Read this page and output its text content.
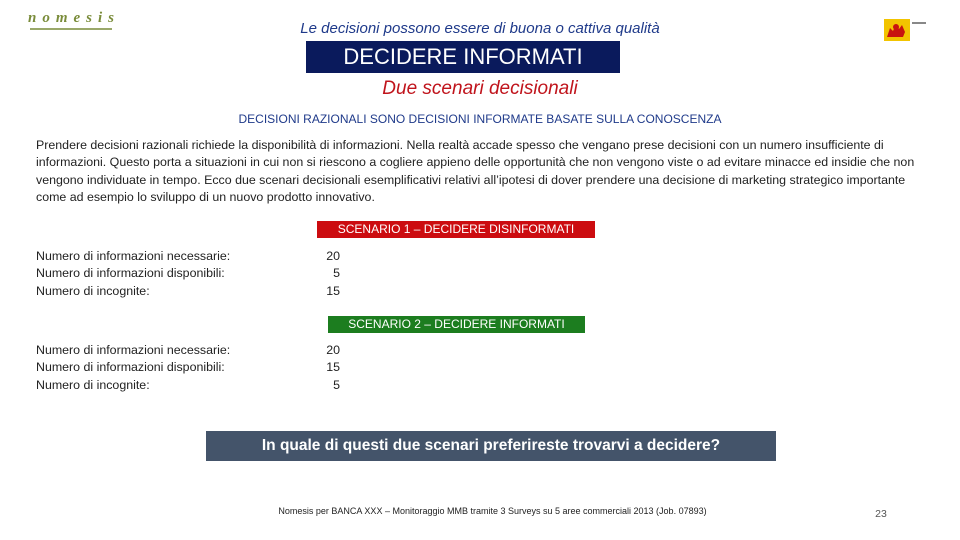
nomesis
Le decisioni possono essere di buona o cattiva qualità
DECIDERE INFORMATI
Due scenari decisionali
DECISIONI RAZIONALI SONO DECISIONI INFORMATE BASATE SULLA CONOSCENZA

Prendere decisioni razionali richiede la disponibilità di informazioni. Nella realtà accade spesso che vengano prese decisioni con un numero insufficiente di informazioni. Questo porta a situazioni in cui non si riescono a cogliere appieno delle opportunità che non vengono viste o ad evitare minacce ed insidie che non vengono individuate in tempo. Ecco due scenari decisionali esemplificativi relativi all’ipotesi di dover prendere una decisione di marketing strategico importante come ad esempio lo sviluppo di un nuovo prodotto innovativo.

SCENARIO 1 – DECIDERE DISINFORMATI
Numero di informazioni necessarie:	20
Numero di informazioni disponibili:	5
Numero di incognite:	15
SCENARIO 2 – DECIDERE INFORMATI
Numero di informazioni necessarie:	20
Numero di informazioni disponibili:	15
Numero di incognite:	5
In quale di questi due scenari preferireste trovarvi a decidere?
Nomesis per BANCA XXX – Monitoraggio MMB tramite 3 Surveys su 5 aree commerciali 2013 (Job. 07893)	23
